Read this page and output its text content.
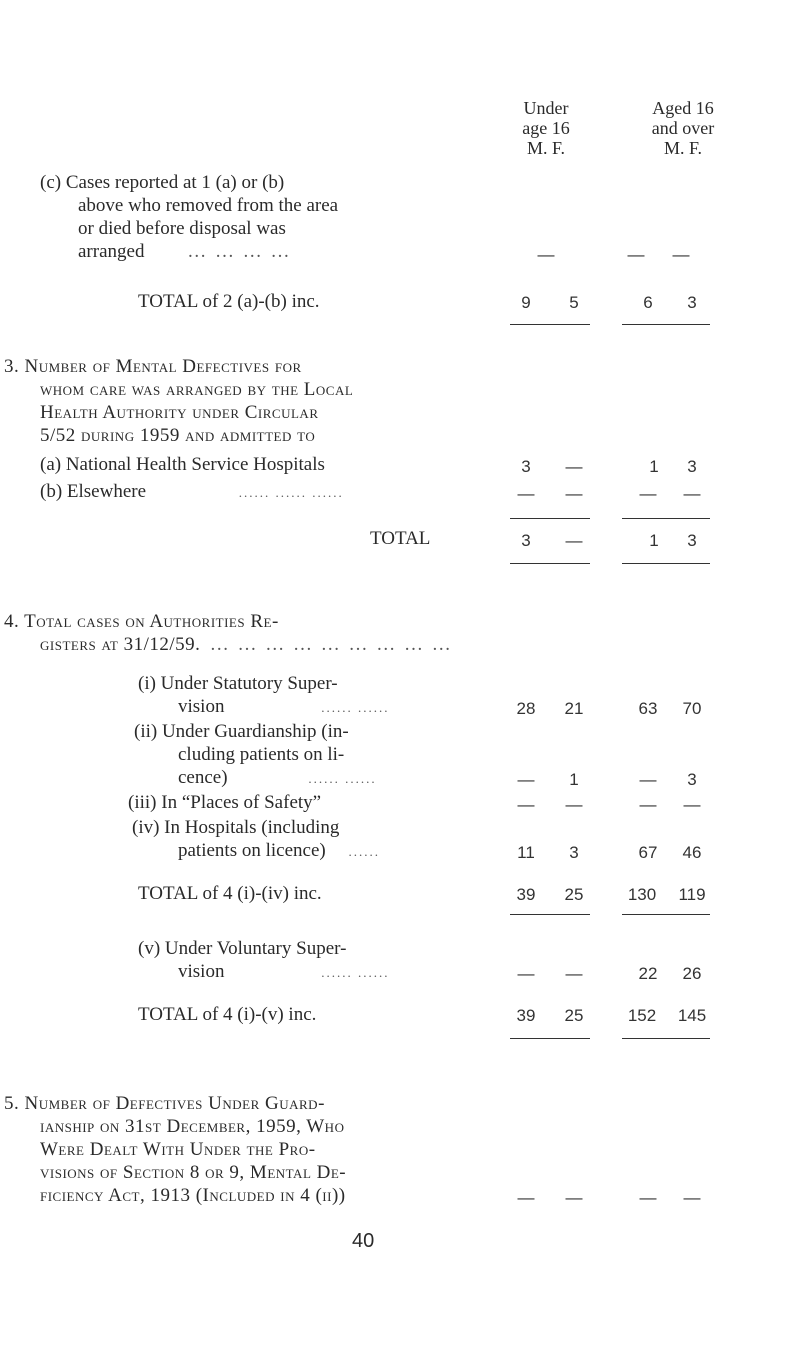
Under
age 16
M. F.
Aged 16
and over
M. F.
(c) Cases reported at 1 (a) or (b)
above who removed from the area
or died before disposal was
arranged … … … …	—	—	—
TOTAL of 2 (a)-(b) inc.	9	5	6	3
3. Number of Mental Defectives for
whom care was arranged by the Local
Health Authority under Circular
5/52 during 1959 and admitted to
(a) National Health Service Hospitals	3	—	1	3
(b) Elsewhere	...... ...... ......	—	—	—	—
TOTAL	3	—	1	3
4. Total cases on Authorities Re-
gisters at 31/12/59. … … … … … … … … …
(i) Under Statutory Super-
vision	...... ......	28	21	63	70
(ii) Under Guardianship (in-
cluding patients on li-
cence)	...... ......	—	1	—	3
(iii) In “Places of Safety”	—	—	—	—
(iv) In Hospitals (including
patients on licence) ......	11	3	67	46
TOTAL of 4 (i)-(iv) inc.	39	25	130 119
(v) Under Voluntary Super-
vision	...... ......	—	—	22	26
TOTAL of 4 (i)-(v) inc.	39	25	152 145
5. Number of Defectives Under Guard-
ianship on 31st December, 1959, Who
Were Dealt With Under the Pro-
visions of Section 8 or 9, Mental De-
ficiency Act, 1913 (Included in 4 (ii))	—	—	—	—
40
